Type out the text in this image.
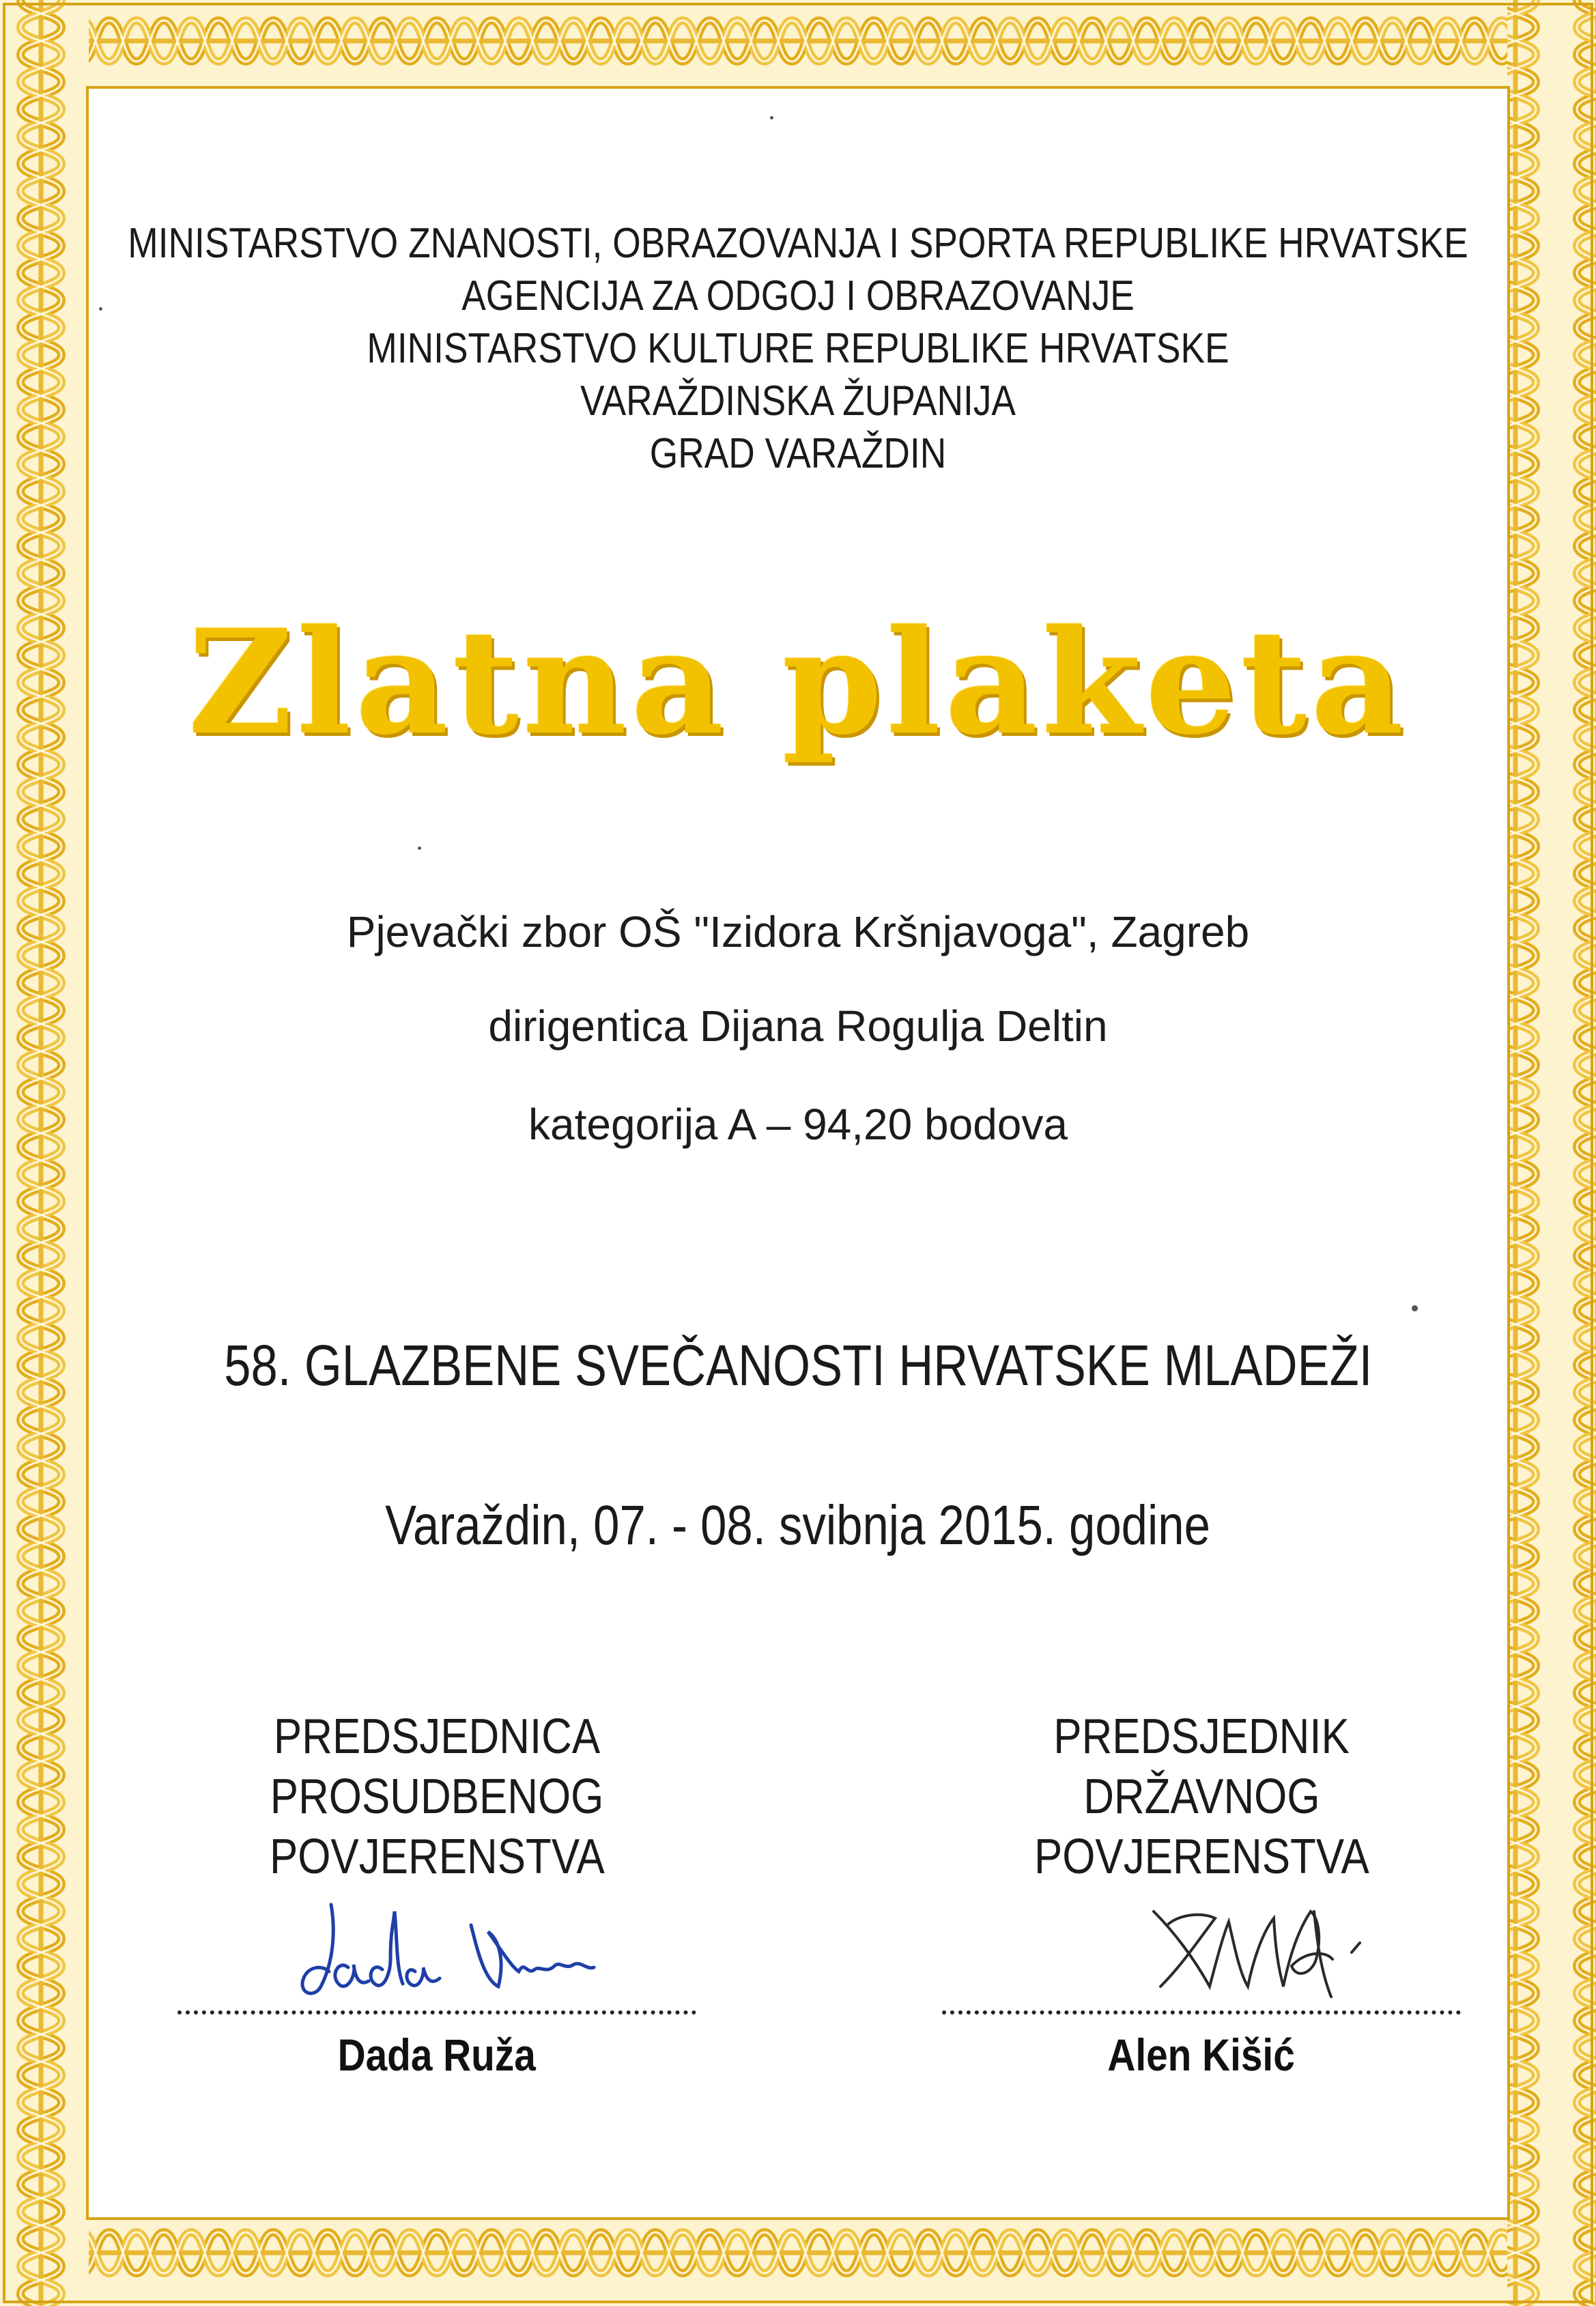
MINISTARSTVO ZNANOSTI, OBRAZOVANJA I SPORTA REPUBLIKE HRVATSKE
AGENCIJA ZA ODGOJ I OBRAZOVANJE
MINISTARSTVO KULTURE REPUBLIKE HRVATSKE
VARAŽDINSKA ŽUPANIJA
GRAD VARAŽDIN
Zlatna plaketa
Pjevački zbor OŠ "Izidora Kršnjavoga", Zagreb
dirigentica Dijana Rogulja Deltin
kategorija A – 94,20 bodova
58. GLAZBENE SVEČANOSTI HRVATSKE MLADEŽI
Varaždin, 07. - 08. svibnja 2015. godine
PREDSJEDNICA
PROSUDBENOG
POVJERENSTVA
Dada Ruža
PREDSJEDNIK
DRŽAVNOG
POVJERENSTVA
Alen Kišić
